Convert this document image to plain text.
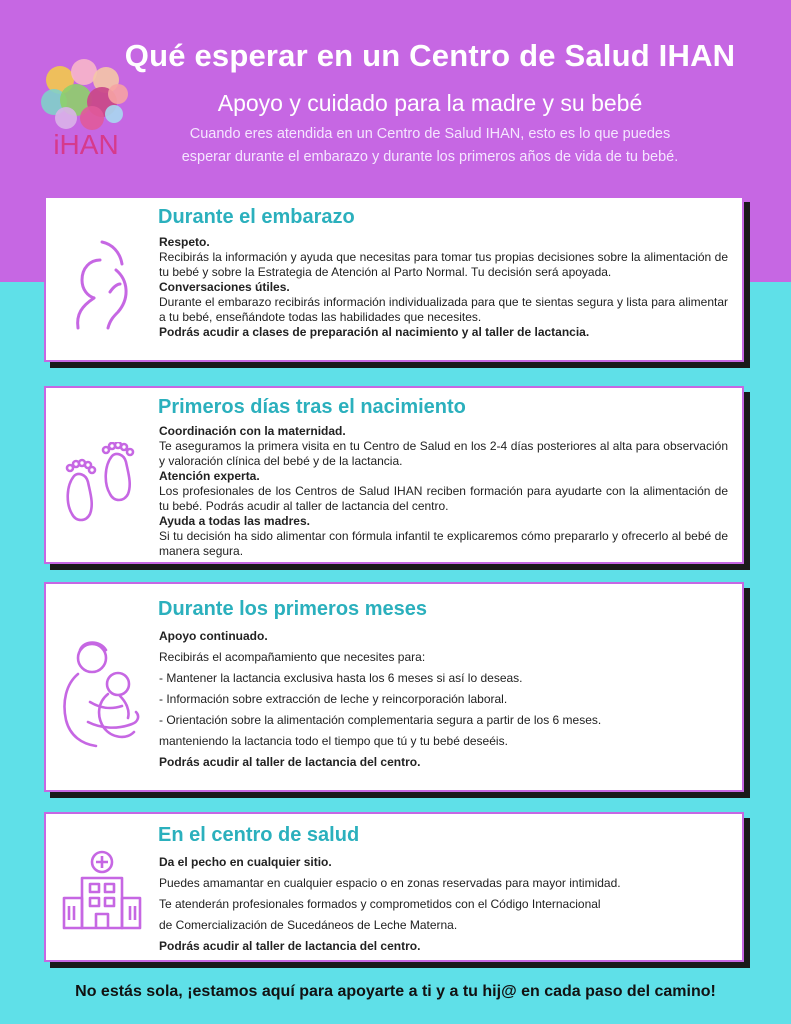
iHAN
Qué esperar en un Centro de Salud IHAN
Apoyo y cuidado para la madre y su bebé
Cuando eres atendida en un Centro de Salud IHAN, esto es lo que puedes
esperar durante el embarazo y durante los primeros años de vida de tu bebé.
Durante el embarazo
Respeto.
Recibirás la información y ayuda que necesitas para tomar tus propias decisiones sobre la alimentación de tu bebé y sobre la Estrategia de Atención al Parto Normal. Tu decisión será apoyada.
Conversaciones útiles.
Durante el embarazo recibirás información individualizada para que te sientas segura y lista para alimentar a tu bebé, enseñándote todas las habilidades que necesites.
Podrás acudir a clases de preparación al nacimiento y al taller de lactancia.
Primeros días tras el nacimiento
Coordinación con la maternidad.
Te aseguramos la primera visita en tu Centro de Salud en los 2-4 días posteriores al alta para observación y valoración clínica del bebé y de la lactancia.
Atención experta.
Los profesionales de los Centros de Salud IHAN reciben formación para ayudarte con la alimentación de tu bebé. Podrás acudir al taller de lactancia del centro.
Ayuda a todas las madres.
Si tu decisión ha sido alimentar con fórmula infantil te explicaremos cómo prepararlo y ofrecerlo al bebé de manera segura.
Durante los primeros meses
Apoyo continuado.
Recibirás el acompañamiento que necesites para:
- Mantener la lactancia exclusiva hasta los 6 meses si así lo deseas.
- Información sobre extracción de leche y reincorporación laboral.
- Orientación sobre la alimentación complementaria segura a partir de los 6 meses.
manteniendo la lactancia todo el tiempo que tú y tu bebé deseéis.
Podrás acudir al taller de lactancia del centro.
En el centro de salud
Da el pecho en cualquier sitio.
Puedes amamantar en cualquier espacio o en zonas reservadas para mayor intimidad.
Te atenderán profesionales formados y comprometidos con el Código Internacional
de Comercialización de Sucedáneos de Leche Materna.
Podrás acudir al taller de lactancia del centro.
No estás sola, ¡estamos aquí para apoyarte a ti y a tu hij@ en cada paso del camino!
